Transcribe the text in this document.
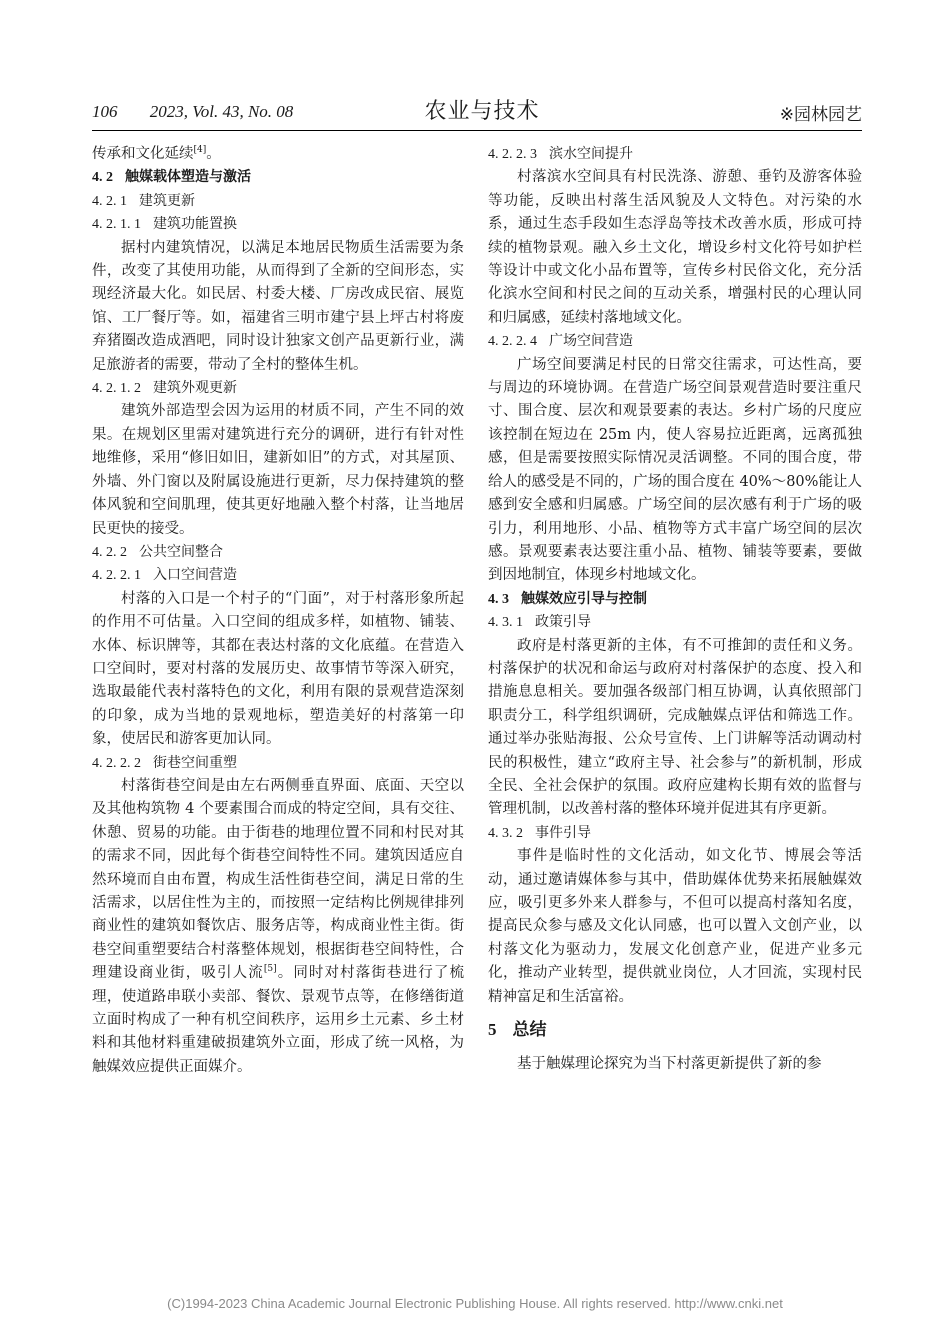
106 2023, Vol. 43, No. 08	农业与技术	※园林园艺

传承和文化延续[4]。

4. 2 触媒载体塑造与激活

4. 2. 1 建筑更新

4. 2. 1. 1 建筑功能置换

据村内建筑情况，以满足本地居民物质生活需要为条件，改变了其使用功能，从而得到了全新的空间形态，实现经济最大化。如民居、村委大楼、厂房改成民宿、展览馆、工厂餐厅等。如，福建省三明市建宁县上坪古村将废弃猪圈改造成酒吧，同时设计独家文创产品更新行业，满足旅游者的需要，带动了全村的整体生机。

4. 2. 1. 2 建筑外观更新

建筑外部造型会因为运用的材质不同，产生不同的效果。在规划区里需对建筑进行充分的调研，进行有针对性地维修，采用“修旧如旧，建新如旧”的方式，对其屋顶、外墙、外门窗以及附属设施进行更新，尽力保持建筑的整体风貌和空间肌理，使其更好地融入整个村落，让当地居民更快的接受。

4. 2. 2 公共空间整合

4. 2. 2. 1 入口空间营造

村落的入口是一个村子的“门面”，对于村落形象所起的作用不可估量。入口空间的组成多样，如植物、铺装、水体、标识牌等，其都在表达村落的文化底蕴。在营造入口空间时，要对村落的发展历史、故事情节等深入研究，选取最能代表村落特色的文化，利用有限的景观营造深刻的印象，成为当地的景观地标，塑造美好的村落第一印象，使居民和游客更加认同。

4. 2. 2. 2 街巷空间重塑

村落街巷空间是由左右两侧垂直界面、底面、天空以及其他构筑物 4 个要素围合而成的特定空间，具有交往、休憩、贸易的功能。由于街巷的地理位置不同和村民对其的需求不同，因此每个街巷空间特性不同。建筑因适应自然环境而自由布置，构成生活性街巷空间，满足日常的生活需求，以居住性为主的，而按照一定结构比例规律排列商业性的建筑如餐饮店、服务店等，构成商业性主街。街巷空间重塑要结合村落整体规划，根据街巷空间特性，合理建设商业街，吸引人流[5]。同时对村落街巷进行了梳理，使道路串联小卖部、餐饮、景观节点等，在修缮街道立面时构成了一种有机空间秩序，运用乡土元素、乡土材料和其他材料重建破损建筑外立面，形成了统一风格，为触媒效应提供正面媒介。

4. 2. 2. 3 滨水空间提升

村落滨水空间具有村民洗涤、游憩、垂钓及游客体验等功能，反映出村落生活风貌及人文特色。对污染的水系，通过生态手段如生态浮岛等技术改善水质，形成可持续的植物景观。融入乡土文化，增设乡村文化符号如护栏等设计中或文化小品布置等，宣传乡村民俗文化，充分活化滨水空间和村民之间的互动关系，增强村民的心理认同和归属感，延续村落地域文化。

4. 2. 2. 4 广场空间营造

广场空间要满足村民的日常交往需求，可达性高，要与周边的环境协调。在营造广场空间景观营造时要注重尺寸、围合度、层次和观景要素的表达。乡村广场的尺度应该控制在短边在 25m 内，使人容易拉近距离，远离孤独感，但是需要按照实际情况灵活调整。不同的围合度，带给人的感受是不同的，广场的围合度在 40%～80%能让人感到安全感和归属感。广场空间的层次感有利于广场的吸引力，利用地形、小品、植物等方式丰富广场空间的层次感。景观要素表达要注重小品、植物、铺装等要素，要做到因地制宜，体现乡村地域文化。

4. 3 触媒效应引导与控制

4. 3. 1 政策引导

政府是村落更新的主体，有不可推卸的责任和义务。村落保护的状况和命运与政府对村落保护的态度、投入和措施息息相关。要加强各级部门相互协调，认真依照部门职责分工，科学组织调研，完成触媒点评估和筛选工作。通过举办张贴海报、公众号宣传、上门讲解等活动调动村民的积极性，建立“政府主导、社会参与”的新机制，形成全民、全社会保护的氛围。政府应建构长期有效的监督与管理机制，以改善村落的整体环境并促进其有序更新。

4. 3. 2 事件引导

事件是临时性的文化活动，如文化节、博展会等活动，通过邀请媒体参与其中，借助媒体优势来拓展触媒效应，吸引更多外来人群参与，不但可以提高村落知名度，提高民众参与感及文化认同感，也可以置入文创产业，以村落文化为驱动力，发展文化创意产业，促进产业多元化，推动产业转型，提供就业岗位，人才回流，实现村民精神富足和生活富裕。

5 总结

基于触媒理论探究为当下村落更新提供了新的参

(C)1994-2023 China Academic Journal Electronic Publishing House. All rights reserved. http://www.cnki.net
